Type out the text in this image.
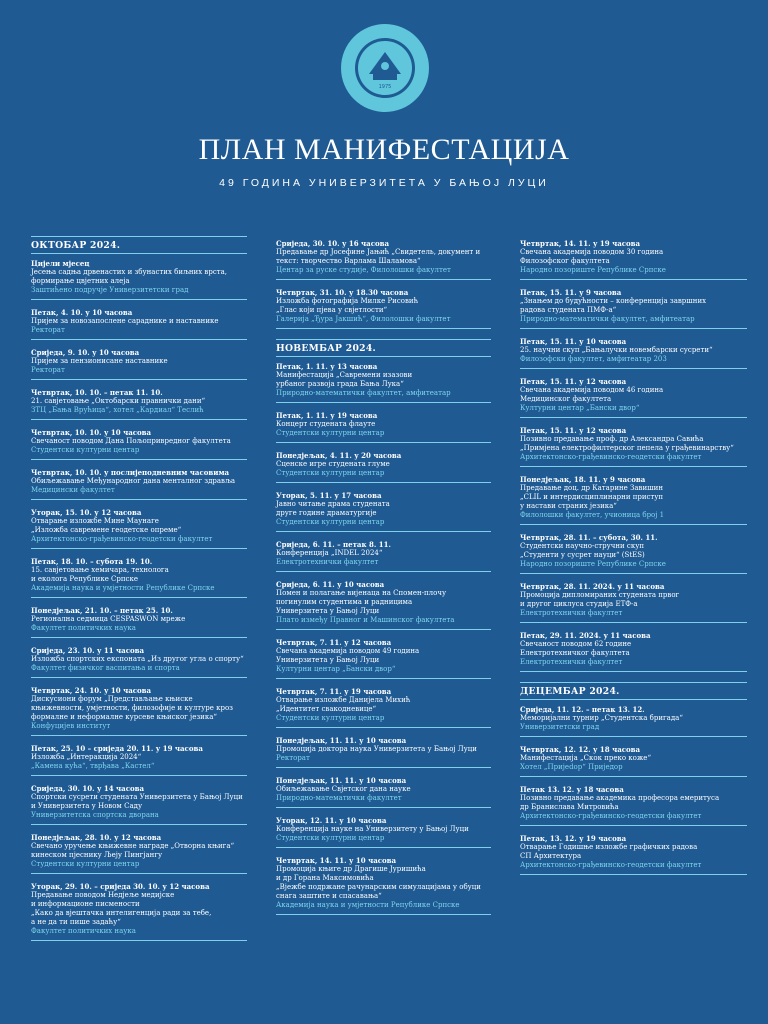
1975
ПЛАН МАНИФЕСТАЦИЈА
49 ГОДИНА УНИВЕРЗИТЕТА У БАЊОЈ ЛУЦИ
ОКТОБАР 2024.
Цијели мјесец
Јесења садња дрвенастих и збунастих биљних врста,
формирање цвјетних алеја
Заштићено подручје Универзитетски град
Петак, 4. 10. у 10 часова
Пријем за новозапослене сараднике и наставнике
Ректорат
Сриједа, 9. 10. у 10 часова
Пријем за пензионисане наставнике
Ректорат
Четвртак, 10. 10. – петак 11. 10.
21. савјетовање „Октобарски правнички дани“
ЗТЦ „Бања Врућица“, хотел „Кардиал“ Теслић
Четвртак, 10. 10. у 10 часова
Свечаност поводом Дана Пољопривредног факултета
Студентски културни центар
Четвртак, 10. 10. у послијеподневним часовима
Обиљежавање Међународног дана менталног здравља
Медицински факултет
Уторак, 15. 10. у 12 часова
Отварање изложбе Мине Маунаге
„Изложба савремене геодетске опреме“
Архитектонско-грађевинско-геодетски факултет
Петак, 18. 10. – субота 19. 10.
15. савјетовање хемичара, технолога
и еколога Републике Српске
Академија наука и умјетности Републике Српске
Понедјељак, 21. 10. – петак 25. 10.
Регионална седмица CESPASWON мреже
Факултет политичких наука
Сриједа, 23. 10. у 11 часова
Изложба спортских експоната „Из другог угла о спорту“
Факултет физичког васпитања и спорта
Четвртак, 24. 10. у 10 часова
Дискусиони форум „Представљање књиске
књижевности, умјетности, филозофије и културе кроз
формалне и неформалне курсеве књиског језика“
Конфуцијев институт
Петак, 25. 10 – сриједа 20. 11. у 19 часова
Изложба „Интеракција 2024“
„Камена кућа“, тврђава „Кастел“
Сриједа, 30. 10. у 14 часова
Спортски сусрети студената Универзитета у Бањој Луци
и Универзитета у Новом Саду
Универзитетска спортска дворана
Понедјељак, 28. 10. у 12 часова
Свечано уручење књижевне награде „Отворна књига“
кинеском пјеснику Љеју Пингјангу
Студентски културни центар
Уторак, 29. 10. – сриједа 30. 10. у 12 часова
Предавање поводом Недјеље медијске
и информационе писмености
„Како да вјештачка интелигенција ради за тебе,
а не да ти пише задаћу“
Факултет политичких наука
Сриједа, 30. 10. у 16 часова
Предавање др Јосефине Јањић „Свидетель, документ и
текст: творчество Варлама Шаламова“
Центар за руске студије, Филолошки факултет
Четвртак, 31. 10. у 18.30 часова
Изложба фотографија Милке Рисовић
„Глас који пјева у свјетлости“
Галерија „Ђура Јакшић“, Филолошки факултет
НОВЕМБАР 2024.
Петак, 1. 11. у 13 часова
Манифестација „Савремени изазови
урбаног развоја града Бања Лука“
Природно-математички факултет, амфитеатар
Петак, 1. 11. у 19 часова
Концерт студената флауте
Студентски културни центар
Понедјељак, 4. 11. у 20 часова
Сценске игре студената глуме
Студентски културни центар
Уторак, 5. 11. у 17 часова
Јавно читање драма студената
друге године драматургије
Студентски културни центар
Сриједа, 6. 11. – петак 8. 11.
Конференција „INDEL 2024“
Електротехнички факултет
Сриједа, 6. 11. у 10 часова
Помен и полагање вијенаца на Спомен-плочу
погинулим студентима и радницима
Универзитета у Бањој Луци
Плато између Правног и Машинског факултета
Четвртак, 7. 11. у 12 часова
Свечана академија поводом 49 година
Универзитета у Бањој Луци
Културни центар „Бански двор“
Четвртак, 7. 11. у 19 часова
Отварање изложбе Данијела Михић
„Идентитет свакодневице“
Студентски културни центар
Понедјељак, 11. 11. у 10 часова
Промоција доктора наука Универзитета у Бањој Луци
Ректорат
Понедјељак, 11. 11. у 10 часова
Обиљежавање Свјетског дана науке
Природно-математички факултет
Уторак, 12. 11. у 10 часова
Конференција науке на Универзитету у Бањој Луци
Студентски културни центар
Четвртак, 14. 11. у 10 часова
Промоција књиге др Драгише Јуришића
и др Горана Максимовића
„Вјежбе подржане рачунарским симулацијама у обуци
снага заштите и спасавања“
Академија наука и умјетности Републике Српске
Четвртак, 14. 11. у 19 часова
Свечана академија поводом 30 година
Филозофског факултета
Народно позориште Републике Српске
Петак, 15. 11. у 9 часова
„Знањем до будућности – конференција завршних
радова студената ПМФ-а“
Природно-математички факултет, амфитеатар
Петак, 15. 11. у 10 часова
25. научни скуп „Бањалучки новембарски сусрети“
Филозофски факултет, амфитеатар 203
Петак, 15. 11. у 12 часова
Свечана академија поводом 46 година
Медицинског факултета
Културни центар „Бански двор“
Петак, 15. 11. у 12 часова
Позивно предавање проф. др Александра Савића
„Примјена електрофилтерског пепела у грађевинарству“
Архитектонско-грађевинско-геодетски факултет
Понедјељак, 18. 11. у 9 часова
Предавање доц. др Катарине Завишин
„CLIL и интердисциплинарни приступ
у настави страних језика“
Филолошки факултет, учионица број 1
Четвртак, 28. 11. – субота, 30. 11.
Студентски научно-стручни скуп
„Студенти у сусрет науци“ (StES)
Народно позориште Републике Српске
Четвртак, 28. 11. 2024. у 11 часова
Промоција дипломираних студената првог
и другог циклуса студија ЕТФ-а
Електротехнички факултет
Петак, 29. 11. 2024. у 11 часова
Свечаност поводом 62 године
Електротехничког факултета
Електротехнички факултет
ДЕЦЕМБАР 2024.
Сриједа, 11. 12. – петак 13. 12.
Меморијални турнир „Студентска бригада“
Универзитетски град
Четвртак, 12. 12. у 18 часова
Манифестација „Скок преко коже“
Хотел „Пријedор“ Приједор
Петак 13. 12. у 18 часова
Позивно предавање академика професора емеритуса
др Бранислава Митровића
Архитектонско-грађевинско-геодетски факултет
Петак, 13. 12. у 19 часова
Отварање Годишње изложбе графичких радова
СП Архитектура
Архитектонско-грађевинско-геодетски факултет
